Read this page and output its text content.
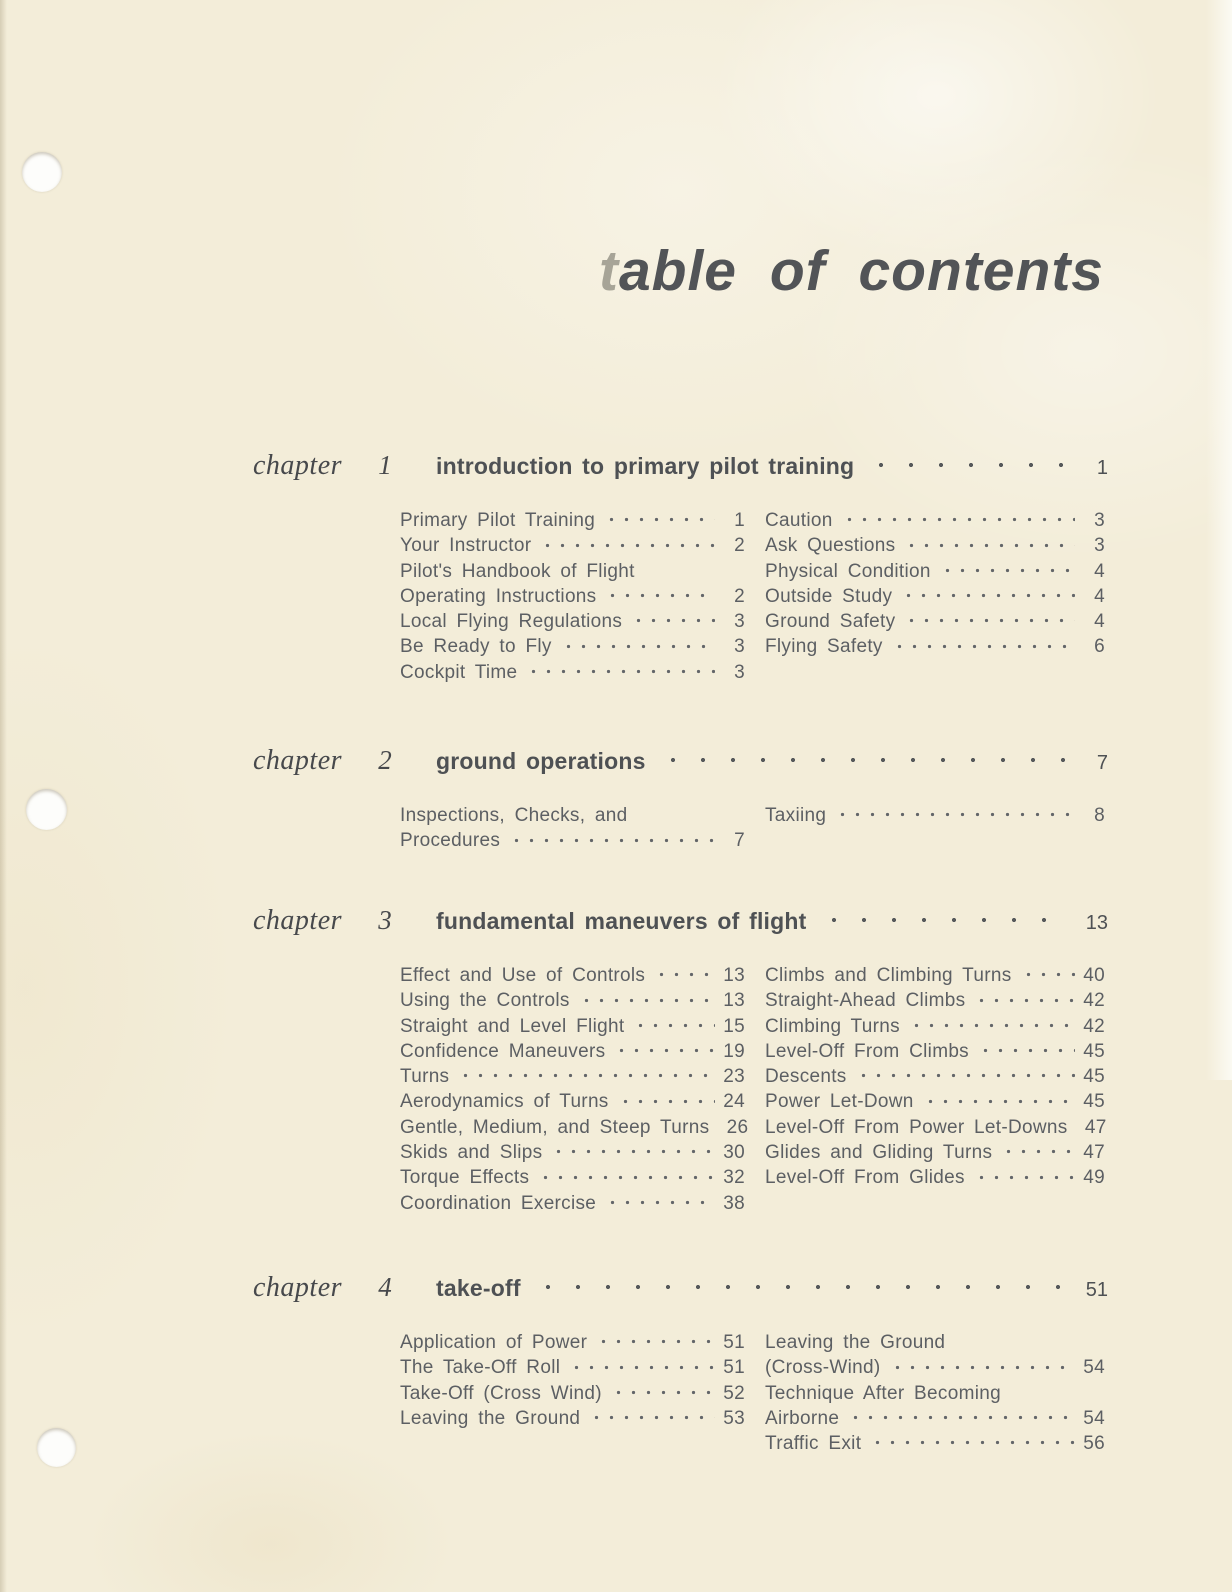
table of contents
chapter 1 introduction to primary pilot training	1
Primary Pilot Training	1
Your Instructor	2
Pilot's Handbook of Flight
Operating Instructions	2
Local Flying Regulations	3
Be Ready to Fly	3
Cockpit Time	3
Caution	3
Ask Questions	3
Physical Condition	4
Outside Study	4
Ground Safety	4
Flying Safety	6
chapter 2 ground operations	7
Inspections, Checks, and
Procedures	7
Taxiing	8
chapter 3 fundamental maneuvers of flight	13
Effect and Use of Controls	13
Using the Controls	13
Straight and Level Flight	15
Confidence Maneuvers	19
Turns	23
Aerodynamics of Turns	24
Gentle, Medium, and Steep Turns 26
Skids and Slips	30
Torque Effects	32
Coordination Exercise	38
Climbs and Climbing Turns	40
Straight-Ahead Climbs	42
Climbing Turns	42
Level-Off From Climbs	45
Descents	45
Power Let-Down	45
Level-Off From Power Let-Downs 47
Glides and Gliding Turns	47
Level-Off From Glides	49
chapter 4 take-off	51
Application of Power	51
The Take-Off Roll	51
Take-Off (Cross Wind)	52
Leaving the Ground	53
Leaving the Ground
(Cross-Wind)	54
Technique After Becoming
Airborne	54
Traffic Exit	56
